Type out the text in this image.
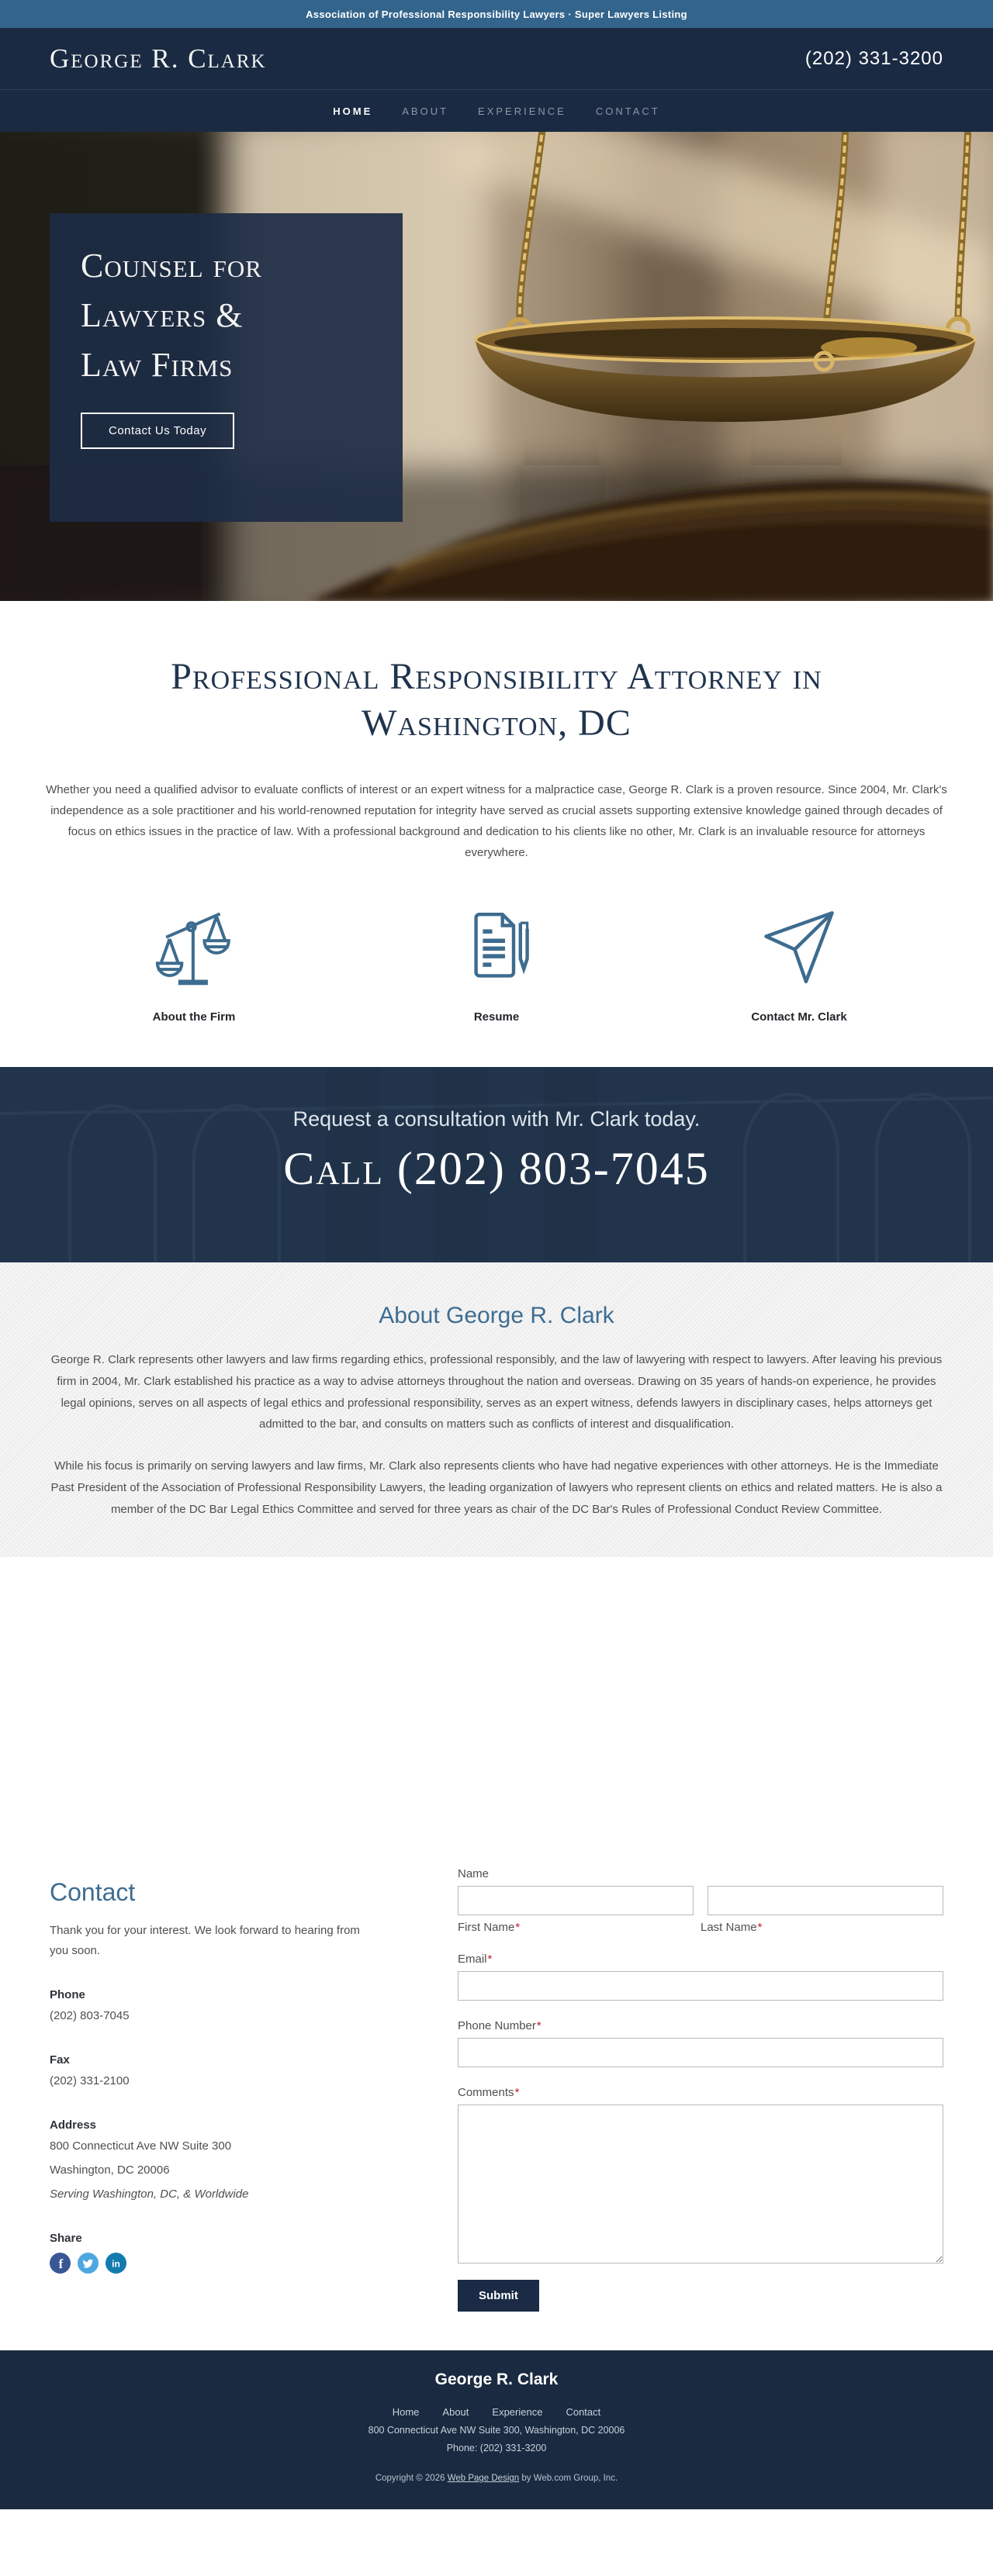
Association of Professional Responsibility Lawyers · Super Lawyers Listing
George R. Clark	(202) 331-3200
HOME	ABOUT	EXPERIENCE	CONTACT
Counsel for Lawyers & Law Firms
Contact Us Today
Professional Responsibility Attorney in Washington, DC

Whether you need a qualified advisor to evaluate conflicts of interest or an expert witness for a malpractice case, George R. Clark is a proven resource. Since 2004, Mr. Clark's independence as a sole practitioner and his world-renowned reputation for integrity have served as crucial assets supporting extensive knowledge gained through decades of focus on ethics issues in the practice of law. With a professional background and dedication to his clients like no other, Mr. Clark is an invaluable resource for attorneys everywhere.

About the Firm	Resume	Contact Mr. Clark
Request a consultation with Mr. Clark today.
Call (202) 803-7045
About George R. Clark

George R. Clark represents other lawyers and law firms regarding ethics, professional responsibly, and the law of lawyering with respect to lawyers. After leaving his previous firm in 2004, Mr. Clark established his practice as a way to advise attorneys throughout the nation and overseas. Drawing on 35 years of hands-on experience, he provides legal opinions, serves on all aspects of legal ethics and professional responsibility, serves as an expert witness, defends lawyers in disciplinary cases, helps attorneys get admitted to the bar, and consults on matters such as conflicts of interest and disqualification.

While his focus is primarily on serving lawyers and law firms, Mr. Clark also represents clients who have had negative experiences with other attorneys. He is the Immediate Past President of the Association of Professional Responsibility Lawyers, the leading organization of lawyers who represent clients on ethics and related matters. He is also a member of the DC Bar Legal Ethics Committee and served for three years as chair of the DC Bar's Rules of Professional Conduct Review Committee.

Contact

Thank you for your interest. We look forward to hearing from you soon.

Phone
(202) 803-7045
Fax
(202) 331-2100
Address
800 Connecticut Ave NW Suite 300
Washington, DC 20006
Serving Washington, DC, & Worldwide
Share
f	in
Name
First Name*	Last Name*
Email*
Phone Number*
Comments*
Submit
George R. Clark
Home About Experience Contact
800 Connecticut Ave NW Suite 300, Washington, DC 20006
Phone: (202) 331-3200
Copyright © 2026 Web Page Design by Web.com Group, Inc.
